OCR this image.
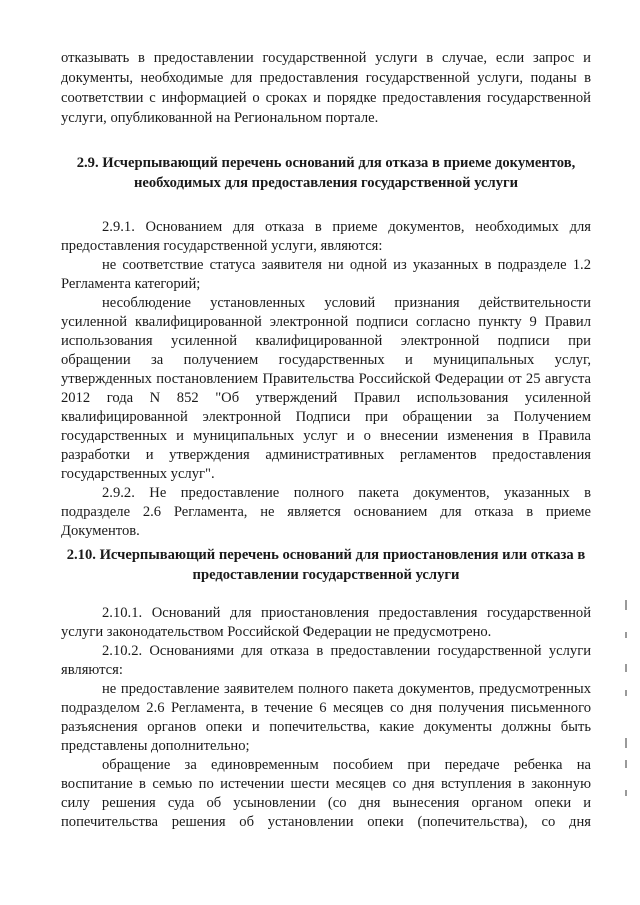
отказывать в предоставлении государственной услуги в случае, если запрос и
документы, необходимые для предоставления государственной услуги, поданы в
соответствии с информацией о сроках и порядке предоставления государственной
услуги, опубликованной на Региональном портале.
2.9. Исчерпывающий перечень оснований для отказа в приеме документов,
необходимых для предоставления государственной услуги
2.9.1. Основанием для отказа в приеме документов, необходимых для
предоставления государственной услуги, являются:
не соответствие статуса заявителя ни одной из указанных в подразделе 1.2
Регламента категорий;
несоблюдение установленных условий признания действительности
усиленной квалифицированной электронной подписи согласно пункту 9 Правил
использования усиленной квалифицированной электронной подписи при
обращении за получением государственных и муниципальных услуг,
утвержденных постановлением Правительства Российской Федерации от 25 августа
2012 года N 852 "Об утверждений Правил использования усиленной
квалифицированной электронной Подписи при обращении за Получением
государственных и муниципальных услуг и о внесении изменения в Правила
разработки и утверждения административных регламентов предоставления
государственных услуг".
2.9.2. Не предоставление полного пакета документов, указанных в
подразделе 2.6 Регламента, не является основанием для отказа в приеме
Документов.
2.10. Исчерпывающий перечень оснований для приостановления или отказа в
предоставлении государственной услуги
2.10.1. Оснований для приостановления предоставления государственной
услуги законодательством Российской Федерации не предусмотрено.
2.10.2. Основаниями для отказа в предоставлении государственной услуги
являются:
не предоставление заявителем полного пакета документов, предусмотренных
подразделом 2.6 Регламента, в течение 6 месяцев со дня получения письменного
разъяснения органов опеки и попечительства, какие документы должны быть
представлены дополнительно;
обращение за единовременным пособием при передаче ребенка на
воспитание в семью по истечении шести месяцев со дня вступления в законную
силу решения суда об усыновлении (со дня вынесения органом опеки и
попечительства решения об установлении опеки (попечительства), со дня
